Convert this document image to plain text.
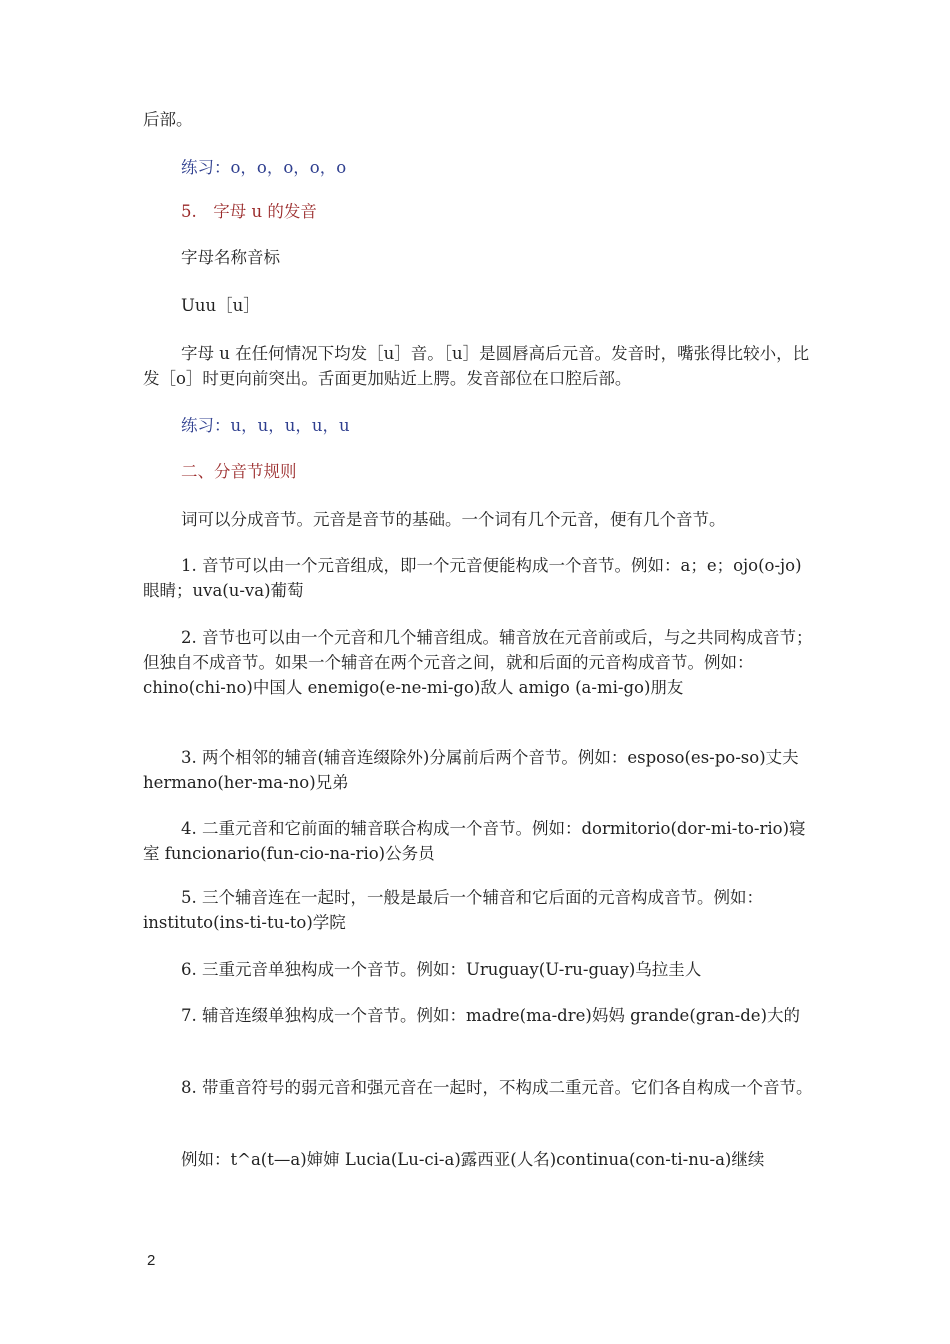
后部。

练习：o，o，o，o，o

5.　字母 u 的发音

字母名称音标

Uuu［u］

字母 u 在任何情况下均发［u］音。［u］是圆唇高后元音。发音时，嘴张得比较小，比发［o］时更向前突出。舌面更加贴近上腭。发音部位在口腔后部。

练习：u，u，u，u，u

二、分音节规则

词可以分成音节。元音是音节的基础。一个词有几个元音，便有几个音节。

1. 音节可以由一个元音组成，即一个元音便能构成一个音节。例如：a；e；ojo(o-jo)眼睛；uva(u-va)葡萄

2. 音节也可以由一个元音和几个辅音组成。辅音放在元音前或后，与之共同构成音节；但独自不成音节。如果一个辅音在两个元音之间，就和后面的元音构成音节。例如：chino(chi-no)中国人 enemigo(e-ne-mi-go)敌人 amigo (a-mi-go)朋友

3. 两个相邻的辅音(辅音连缀除外)分属前后两个音节。例如：esposo(es-po-so)丈夫 hermano(her-ma-no)兄弟

4. 二重元音和它前面的辅音联合构成一个音节。例如：dormitorio(dor-mi-to-rio)寝室 funcionario(fun-cio-na-rio)公务员

5. 三个辅音连在一起时，一般是最后一个辅音和它后面的元音构成音节。例如：instituto(ins-ti-tu-to)学院

6. 三重元音单独构成一个音节。例如：Uruguay(U-ru-guay)乌拉圭人

7. 辅音连缀单独构成一个音节。例如：madre(ma-dre)妈妈 grande(gran-de)大的

8. 带重音符号的弱元音和强元音在一起时，不构成二重元音。它们各自构成一个音节。

例如：t^a(t—a)婶婶 Lucia(Lu-ci-a)露西亚(人名)continua(con-ti-nu-a)继续

2
